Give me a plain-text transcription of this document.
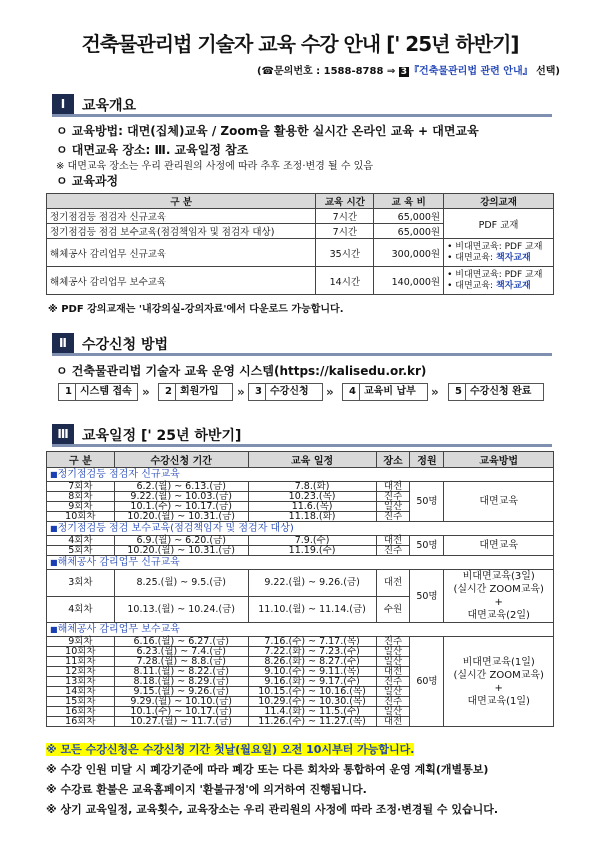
건축물관리법 기술자 교육 수강 안내 [' 25년 하반기]
(☎문의번호 : 1588-8788 ⇒ 3 『건축물관리법 관련 안내』 선택)
Ⅰ	교육개요
ㅇ 교육방법: 대면(집체)교육 / Zoom을 활용한 실시간 온라인 교육 + 대면교육
ㅇ 대면교육 장소: Ⅲ. 교육일정 참조
※ 대면교육 장소는 우리 관리원의 사정에 따라 추후 조정·변경 될 수 있음
ㅇ 교육과정
구 분	교육 시간	교 육 비	강의교재
정기점검등 점검자 신규교육	7시간	65,000원	PDF 교재
정기점검등 점검 보수교육(점검책임자 및 점검자 대상)	7시간	65,000원	
해체공사 감리업무 신규교육	35시간	300,000원	• 비대면교육: PDF 교재
• 대면교육: 책자교재

해체공사 감리업무 보수교육	14시간	140,000원	• 비대면교육: PDF 교재
• 대면교육: 책자교재
※ PDF 강의교재는 '내강의실-강의자료'에서 다운로드 가능합니다.
Ⅱ	수강신청 방법
ㅇ 건축물관리법 기술자 교육 운영 시스템(https://kalisedu.or.kr)
1 시스템 접속 »	2 회원가입	»	3 수강신청	»	4 교육비 납부	»	5 수강신청 완료
Ⅲ 교육일정 [' 25년 하반기]
구 분	수강신청 기간	교육 일정	장소	정원	교육방법
■정기점검등 점검자 신규교육					
7회차	6.2.(월) ~ 6.13.(금)	7.8.(화)	대전	50명	대면교육
8회차	9.22.(월) ~ 10.03.(금)	10.23.(목)	진주		
9회차	10.1.(수) ~ 10.17.(금)	11.6.(목)	일산		
10회차	10.20.(월) ~ 10.31.(금)	11.18.(화)	진주		
■정기점검등 점검 보수교육(점검책임자 및 점검자 대상)					
4회차	6.9.(월) ~ 6.20.(금)	7.9.(수)	대전	50명	대면교육
5회차	10.20.(월) ~ 10.31.(금)	11.19.(수)	진주		
■해체공사 감리업무 신규교육					
3회차	8.25.(월) ~ 9.5.(금)	9.22.(월) ~ 9.26.(금)	대전	50명	비대면교육(3일)
(실시간 ZOOM교육)
+
대면교육(2일)

4회차	10.13.(월) ~ 10.24.(금)	11.10.(월) ~ 11.14.(금)	수원		
■해체공사 감리업무 보수교육					
9회차	6.16.(월) ~ 6.27.(금)	7.16.(수) ~ 7.17.(목)	진주	60명	비대면교육(1일)
(실시간 ZOOM교육)
+
대면교육(1일)

10회차	6.23.(월) ~ 7.4.(금)	7.22.(화) ~ 7.23.(수)	일산		
11회차	7.28.(월) ~ 8.8.(금)	8.26.(화) ~ 8.27.(수)	일산		
12회차	8.11.(월) ~ 8.22.(금)	9.10.(수) ~ 9.11.(목)	대전		
13회차	8.18.(월) ~ 8.29.(금)	9.16.(화) ~ 9.17.(수)	진주		
14회차	9.15.(월) ~ 9.26.(금)	10.15.(수) ~ 10.16.(목)	일산		
15회차	9.29.(월) ~ 10.10.(금)	10.29.(수) ~ 10.30.(목)	진주		
16회차	10.1.(수) ~ 10.17.(금)	11.4.(화) ~ 11.5.(수)	일산		
16회차	10.27.(월) ~ 11.7.(금)	11.26.(수) ~ 11.27.(목)	대전		
※ 모든 수강신청은 수강신청 기간 첫날(월요일) 오전 10시부터 가능합니다.
※ 수강 인원 미달 시 폐강기준에 따라 폐강 또는 다른 회차와 통합하여 운영 계획(개별통보)
※ 수강료 환불은 교육홈페이지 '환불규정'에 의거하여 진행됩니다.
※ 상기 교육일정, 교육횟수, 교육장소는 우리 관리원의 사정에 따라 조정·변경될 수 있습니다.
